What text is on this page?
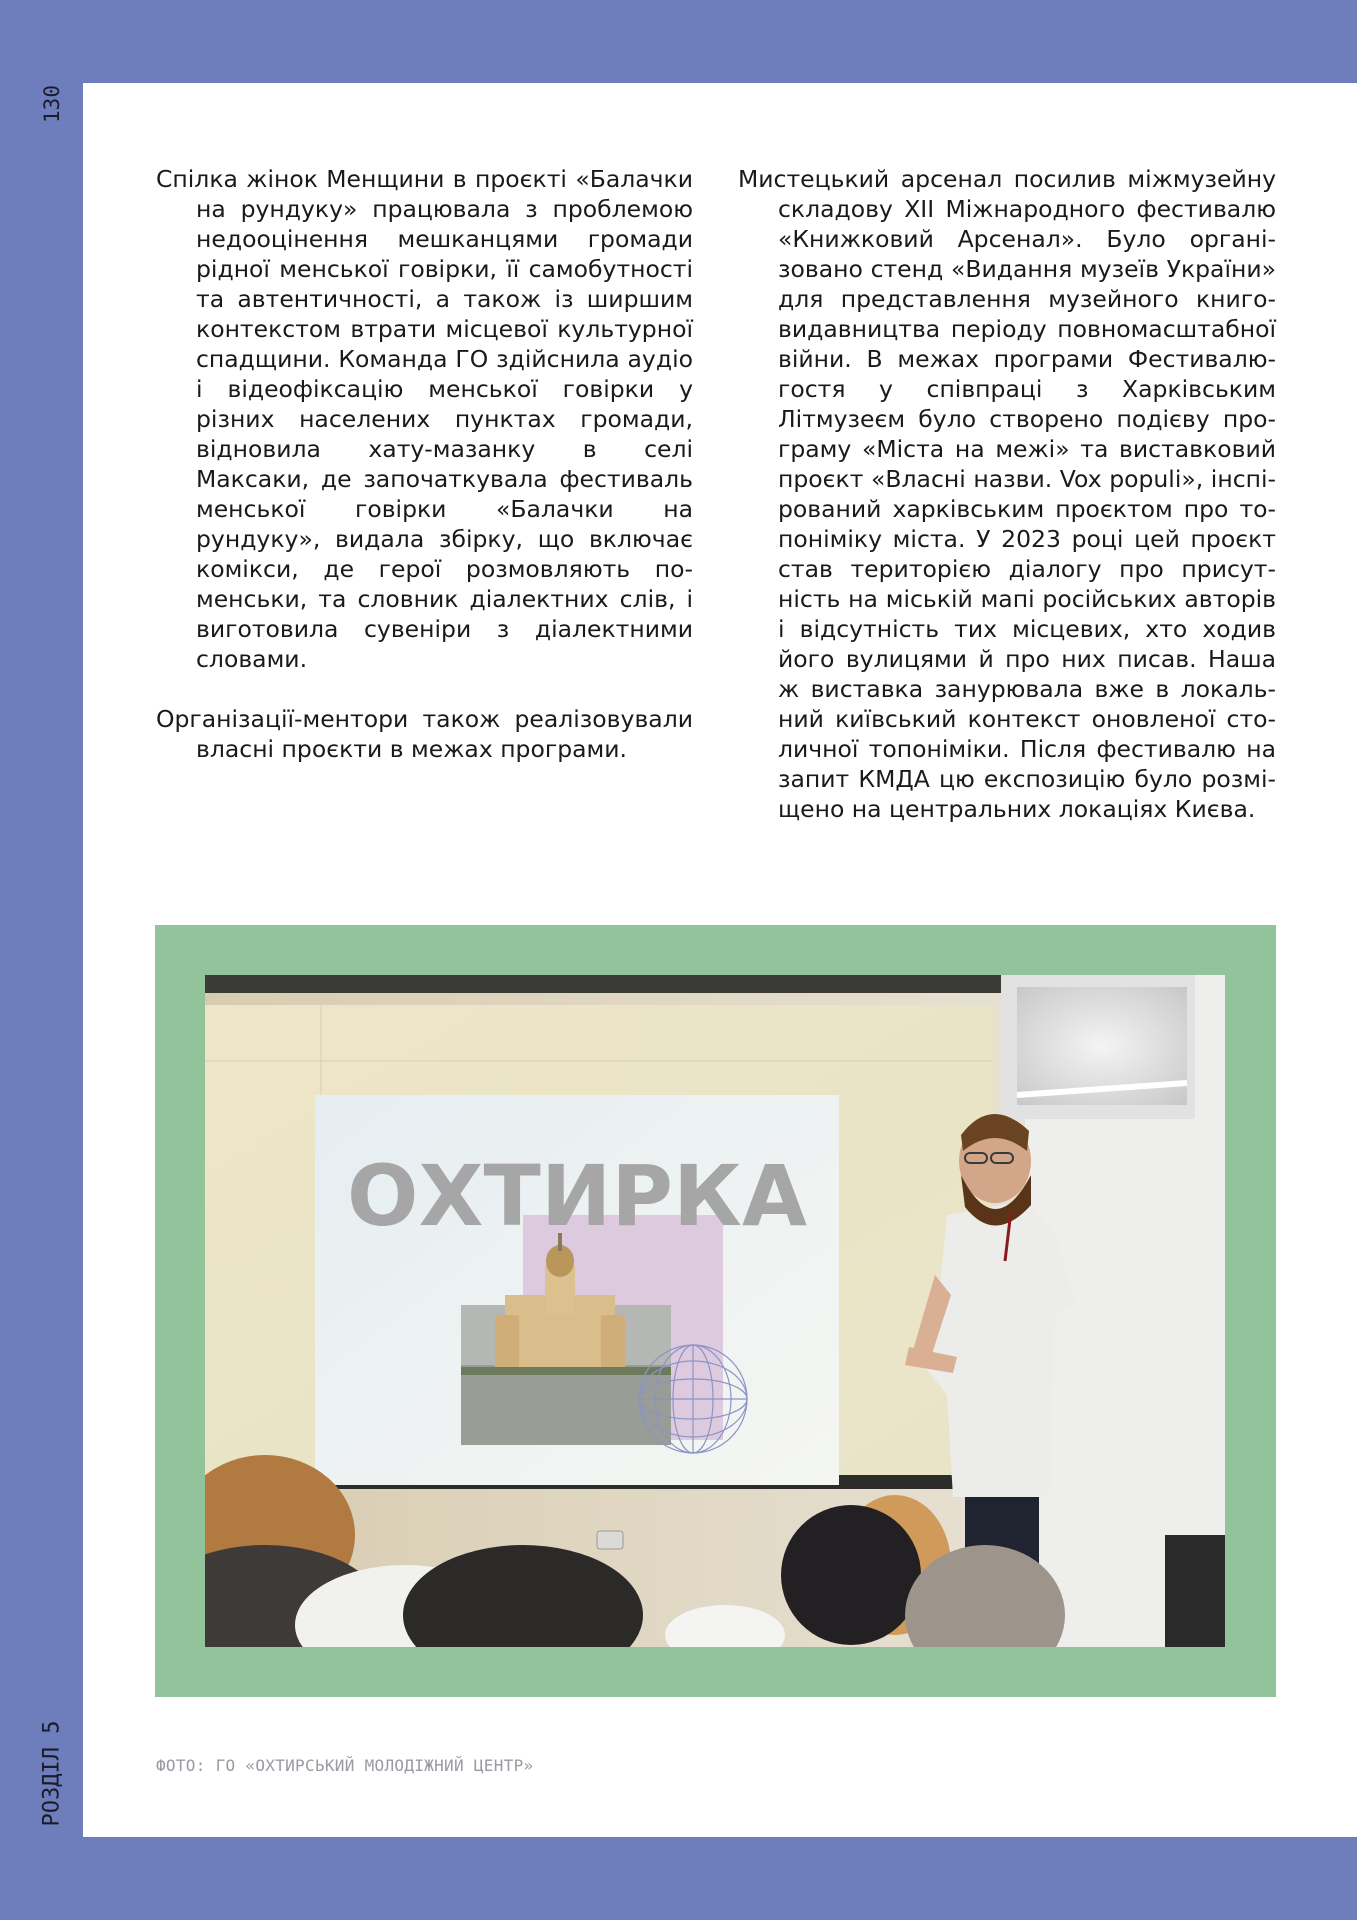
130
РОЗДІЛ 5

Спілка жінок Менщини в проєкті «Балачки на рундуку» працювала з проблемою недооцінення мешканцями громади рідної менської говірки, її самобутності та автентичності, а також із ширшим контекстом втрати місцевої культурної спадщини. Команда ГО здійснила аудіо і відеофіксацію менської говірки у різних населених пунктах громади, відновила хату-мазанку в селі Максаки, де започаткувала фестиваль менської говірки «Балачки на рундуку», видала збірку, що включає комікси, де герої розмовляють по-менськи, та словник діалектних слів, і виготовила сувеніри з діалектними словами.

Організації-ментори також реалізовували власні проєкти в межах програми.

Мистецький арсенал посилив міжмузейну складову XII Міжнародного фестивалю «Книжковий Арсенал». Було організовано стенд «Видання музеїв України» для представлення музейного книговидавництва періоду повномасштабної війни. В межах програми Фестивалю-гостя у співпраці з Харківським Літмузеєм було створено подієву програму «Міста на межі» та виставковий проєкт «Власні назви. Vox populi», інспірований харківським проєктом про топоніміку міста. У 2023 році цей проєкт став територією діалогу про присутність на міській мапі російських авторів і відсутність тих місцевих, хто ходив його вулицями й про них писав. Наша ж виставка занурювала вже в локальний київський контекст оновленої столичної топоніміки. Після фестивалю на запит КМДА цю експозицію було розміщено на центральних локаціях Києва.

ОХТИРКА
ФОТО: ГО «ОХТИРСЬКИЙ МОЛОДІЖНИЙ ЦЕНТР»
